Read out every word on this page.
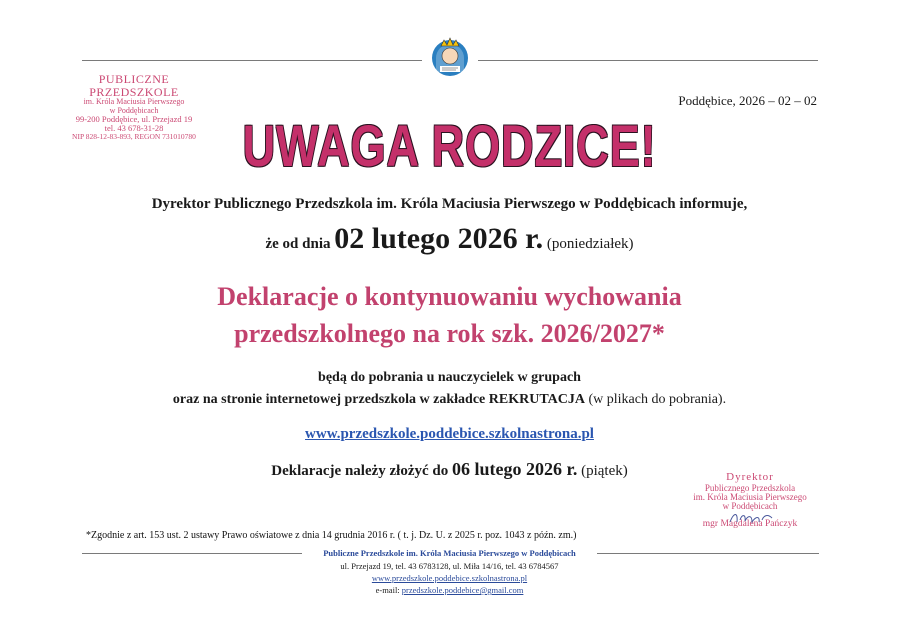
PUBLICZNE PRZEDSZKOLE
im. Króla Maciusia Pierwszego
w Poddębicach
99-200 Poddębice, ul. Przejazd 19
tel. 43 678-31-28
NIP 828-12-83-893, REGON 731010780
Poddębice, 2026 – 02 – 02
UWAGA RODZICE!
Dyrektor Publicznego Przedszkola im. Króla Maciusia Pierwszego w Poddębicach informuje,
że od dnia 02 lutego 2026 r. (poniedziałek)
Deklaracje o kontynuowaniu wychowania
przedszkolnego na rok szk. 2026/2027*
będą do pobrania u nauczycielek w grupach
oraz na stronie internetowej przedszkola w zakładce REKRUTACJA (w plikach do pobrania).
www.przedszkole.poddebice.szkolnastrona.pl
Deklaracje należy złożyć do 06 lutego 2026 r. (piątek)	Dyrektor
Publicznego Przedszkola
im. Króla Maciusia Pierwszego
w Poddębicach
mgr Magdalena Pańczyk
*Zgodnie z art. 153 ust. 2 ustawy Prawo oświatowe z dnia 14 grudnia 2016 r. ( t. j. Dz. U. z 2025 r. poz. 1043 z późn. zm.)
Publiczne Przedszkole im. Króla Maciusia Pierwszego w Poddębicach
ul. Przejazd 19, tel. 43 6783128, ul. Miła 14/16, tel. 43 6784567
www.przedszkole.poddebice.szkolnastrona.pl
e-mail: przedszkole.poddebice@gmail.com
